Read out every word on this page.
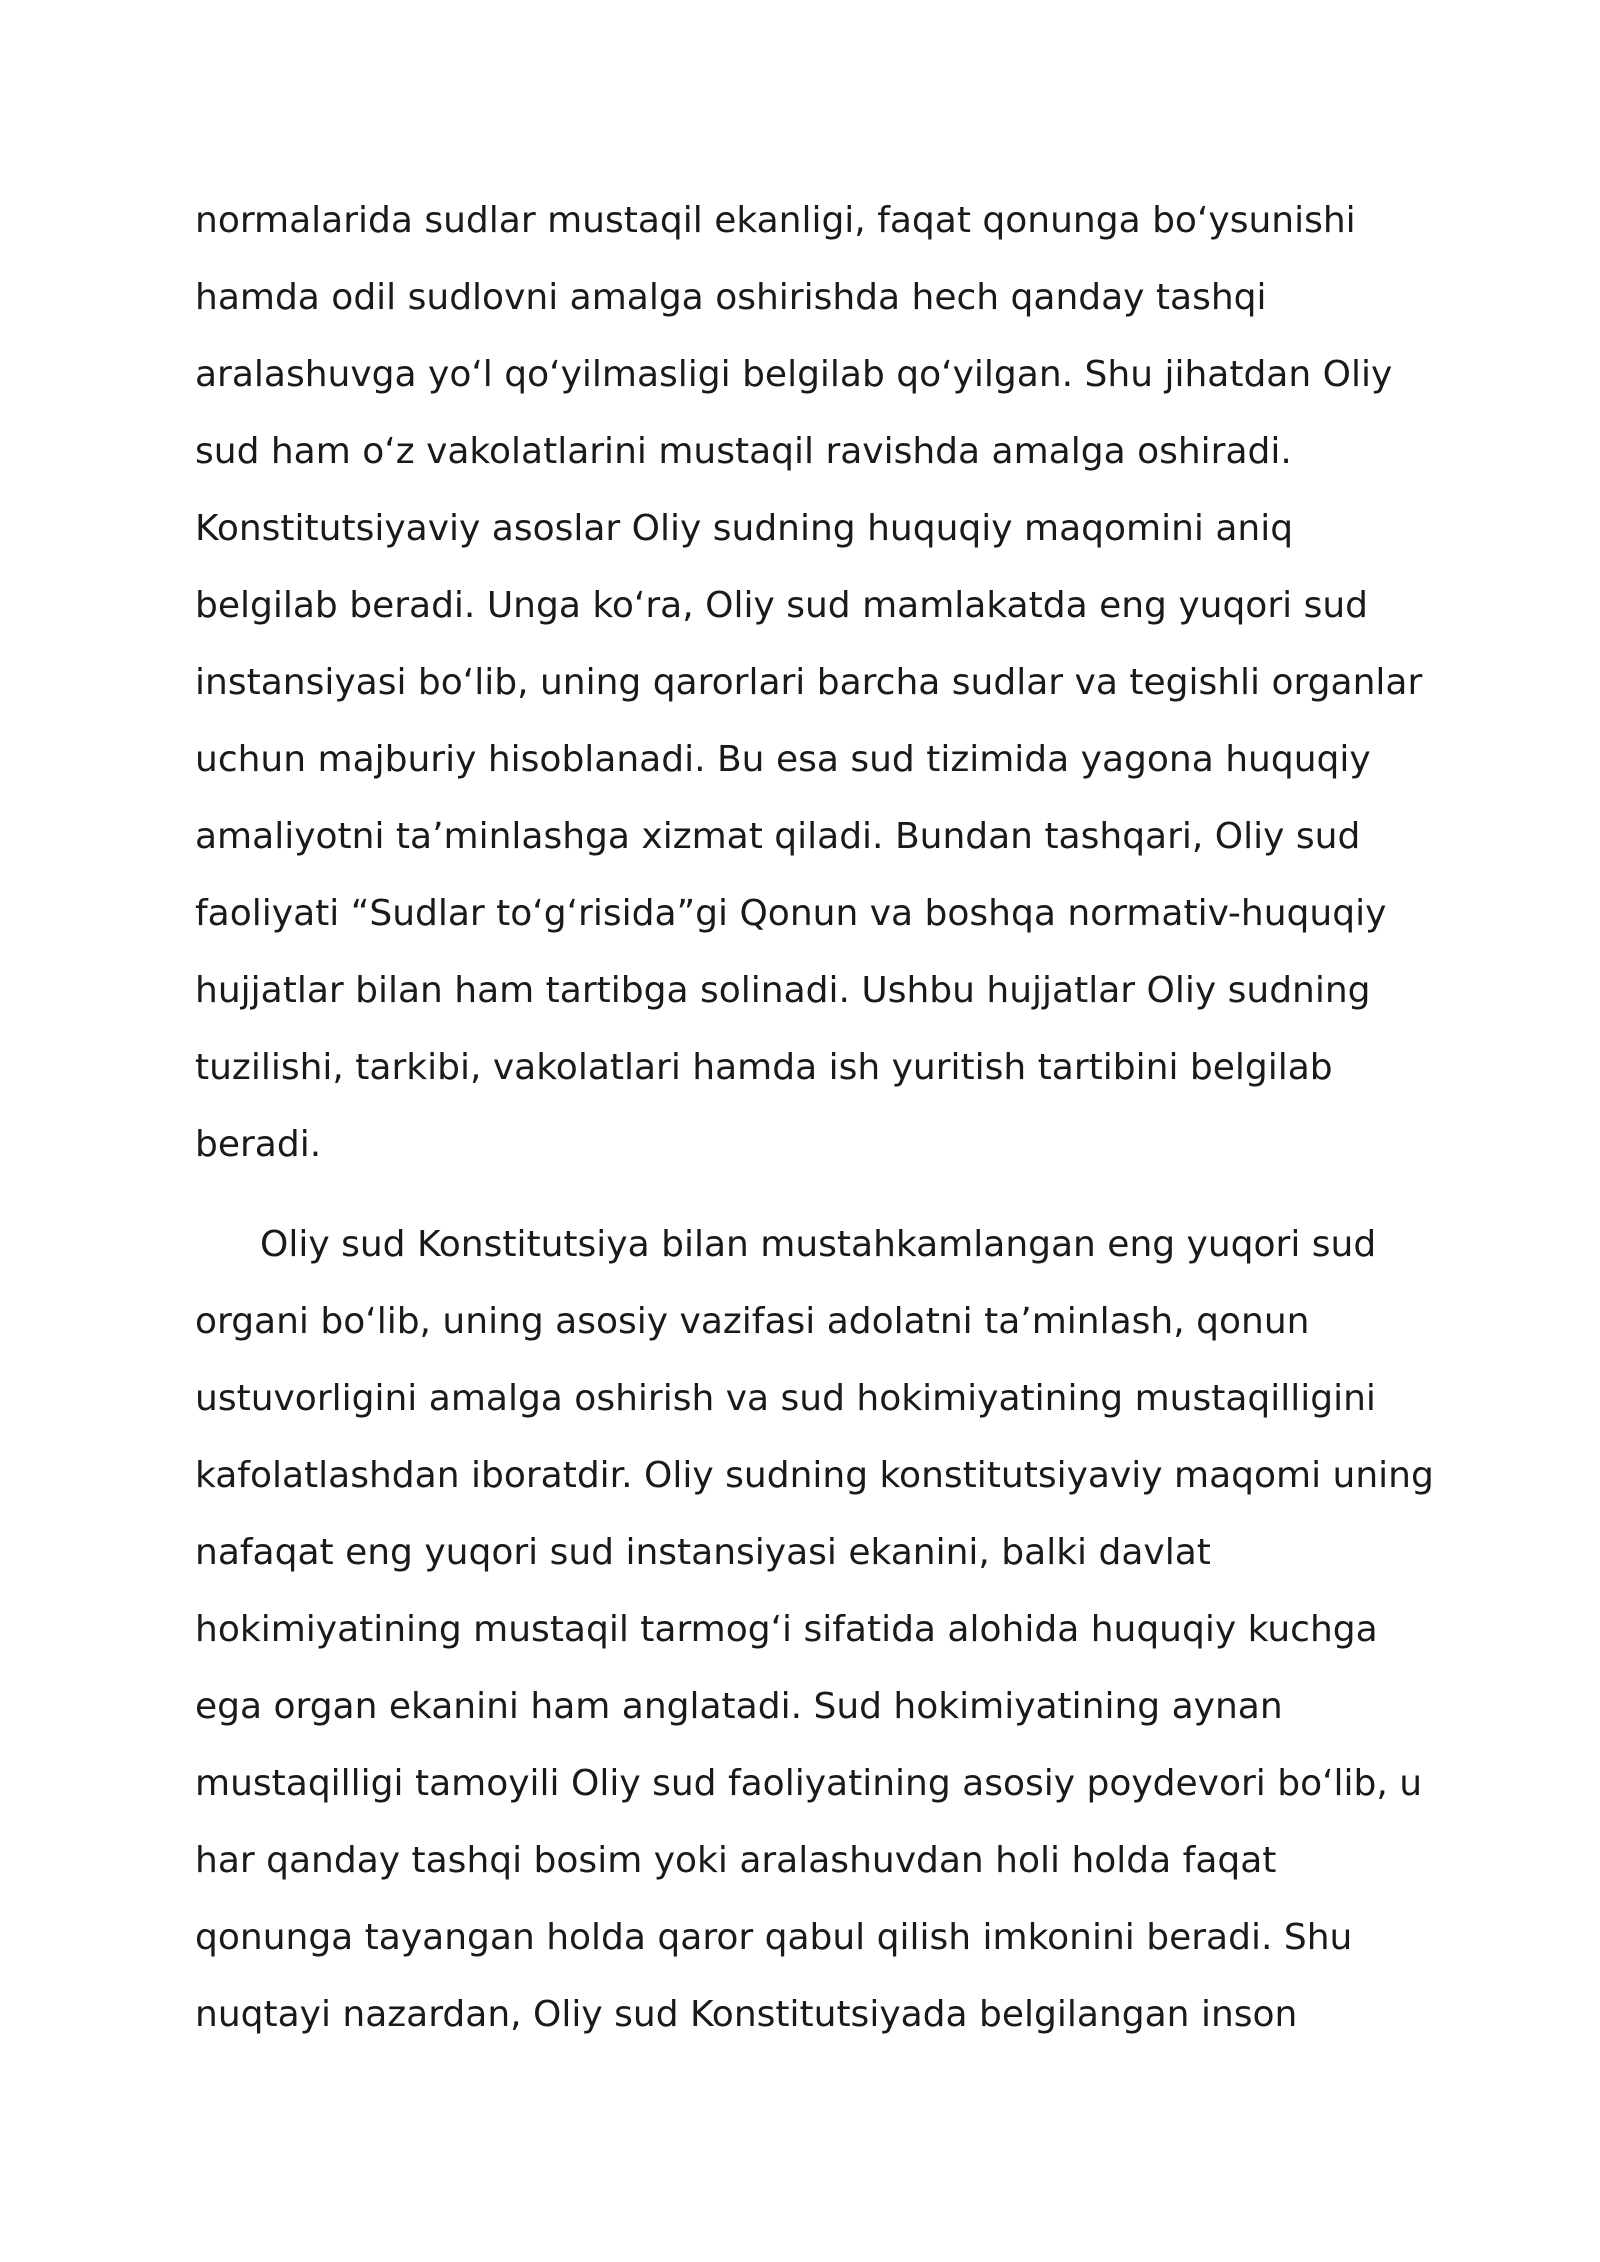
normalarida sudlar mustaqil ekanligi, faqat qonunga boʻysunishi
hamda odil sudlovni amalga oshirishda hech qanday tashqi
aralashuvga yoʻl qoʻyilmasligi belgilab qoʻyilgan. Shu jihatdan Oliy
sud ham oʻz vakolatlarini mustaqil ravishda amalga oshiradi.
Konstitutsiyaviy asoslar Oliy sudning huquqiy maqomini aniq
belgilab beradi. Unga koʻra, Oliy sud mamlakatda eng yuqori sud
instansiyasi boʻlib, uning qarorlari barcha sudlar va tegishli organlar
uchun majburiy hisoblanadi. Bu esa sud tizimida yagona huquqiy
amaliyotni taʼminlashga xizmat qiladi. Bundan tashqari, Oliy sud
faoliyati “Sudlar toʻgʻrisida”gi Qonun va boshqa normativ-huquqiy
hujjatlar bilan ham tartibga solinadi. Ushbu hujjatlar Oliy sudning
tuzilishi, tarkibi, vakolatlari hamda ish yuritish tartibini belgilab
beradi.
Oliy sud Konstitutsiya bilan mustahkamlangan eng yuqori sud
organi boʻlib, uning asosiy vazifasi adolatni taʼminlash, qonun
ustuvorligini amalga oshirish va sud hokimiyatining mustaqilligini
kafolatlashdan iboratdir. Oliy sudning konstitutsiyaviy maqomi uning
nafaqat eng yuqori sud instansiyasi ekanini, balki davlat
hokimiyatining mustaqil tarmogʻi sifatida alohida huquqiy kuchga
ega organ ekanini ham anglatadi. Sud hokimiyatining aynan
mustaqilligi tamoyili Oliy sud faoliyatining asosiy poydevori boʻlib, u
har qanday tashqi bosim yoki aralashuvdan holi holda faqat
qonunga tayangan holda qaror qabul qilish imkonini beradi. Shu
nuqtayi nazardan, Oliy sud Konstitutsiyada belgilangan inson
